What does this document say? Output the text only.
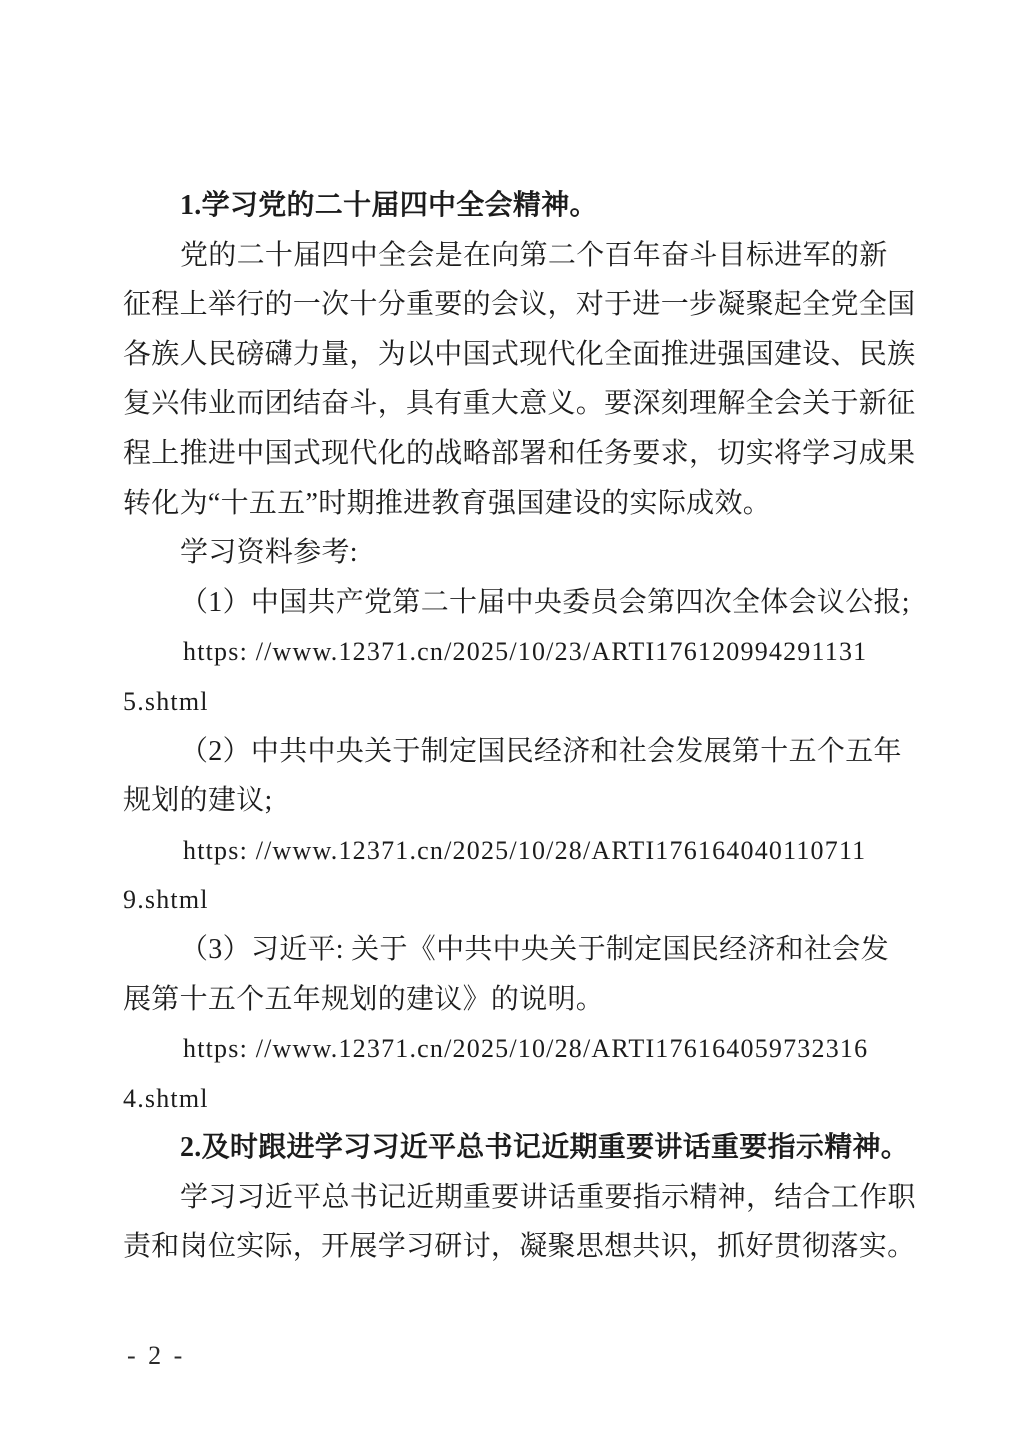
1.学习党的二十届四中全会精神。

党的二十届四中全会是在向第二个百年奋斗目标进军的新

征程上举行的一次十分重要的会议，对于进一步凝聚起全党全国

各族人民磅礴力量，为以中国式现代化全面推进强国建设、民族

复兴伟业而团结奋斗，具有重大意义。要深刻理解全会关于新征

程上推进中国式现代化的战略部署和任务要求，切实将学习成果

转化为“十五五”时期推进教育强国建设的实际成效。

学习资料参考:

（1）中国共产党第二十届中央委员会第四次全体会议公报;

https: //www.12371.cn/2025/10/23/ARTI176120994291131

5.shtml

（2）中共中央关于制定国民经济和社会发展第十五个五年

规划的建议;

https: //www.12371.cn/2025/10/28/ARTI176164040110711

9.shtml

（3）习近平: 关于《中共中央关于制定国民经济和社会发

展第十五个五年规划的建议》的说明。

https: //www.12371.cn/2025/10/28/ARTI176164059732316

4.shtml

2.及时跟进学习习近平总书记近期重要讲话重要指示精神。

学习习近平总书记近期重要讲话重要指示精神，结合工作职

责和岗位实际，开展学习研讨，凝聚思想共识，抓好贯彻落实。

- 2 -
